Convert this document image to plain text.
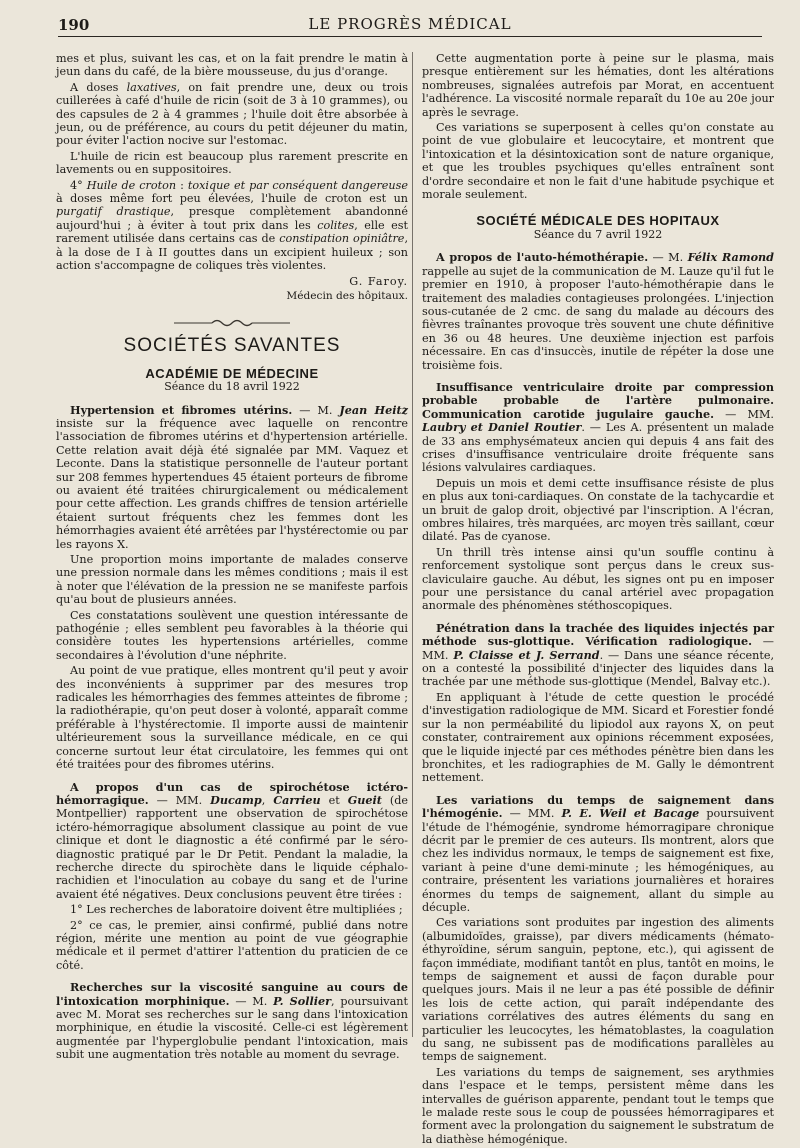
190	LE PROGRÈS MÉDICAL

mes et plus, suivant les cas, et on la fait prendre le matin à jeun dans du café, de la bière mousseuse, du jus d'orange.

A doses laxatives, on fait prendre une, deux ou trois cuillerées à café d'huile de ricin (soit de 3 à 10 grammes), ou des capsules de 2 à 4 grammes ; l'huile doit être absorbée à jeun, ou de préférence, au cours du petit déjeuner du matin, pour éviter l'action nocive sur l'estomac.

L'huile de ricin est beaucoup plus rarement prescrite en lavements ou en suppositoires.

4° Huile de croton : toxique et par conséquent dangereuse à doses même fort peu élevées, l'huile de croton est un purgatif drastique, presque complètement abandonné aujourd'hui ; à éviter à tout prix dans les colites, elle est rarement utilisée dans certains cas de constipation opiniâtre, à la dose de I à II gouttes dans un excipient huileux ; son action s'accompagne de coliques très violentes.

G. Faroy.

Médecin des hôpitaux.

SOCIÉTÉS SAVANTES
ACADÉMIE DE MÉDECINE
Séance du 18 avril 1922

Hypertension et fibromes utérins. — M. Jean Heitz insiste sur la fréquence avec laquelle on rencontre l'association de fibromes utérins et d'hypertension artérielle. Cette relation avait déjà été signalée par MM. Vaquez et Leconte. Dans la statistique personnelle de l'auteur portant sur 208 femmes hypertendues 45 étaient porteurs de fibrome ou avaient été traitées chirurgicalement ou médicalement pour cette affection. Les grands chiffres de tension artérielle étaient surtout fréquents chez les femmes dont les hémorrhagies avaient été arrêtées par l'hystérectomie ou par les rayons X.

Une proportion moins importante de malades conserve une pression normale dans les mêmes conditions ; mais il est à noter que l'élévation de la pression ne se manifeste parfois qu'au bout de plusieurs années.

Ces constatations soulèvent une question intéressante de pathogénie ; elles semblent peu favorables à la théorie qui considère toutes les hypertensions artérielles, comme secondaires à l'évolution d'une néphrite.

Au point de vue pratique, elles montrent qu'il peut y avoir des inconvénients à supprimer par des mesures trop radicales les hémorrhagies des femmes atteintes de fibrome ; la radiothérapie, qu'on peut doser à volonté, apparaît comme préférable à l'hystérectomie. Il importe aussi de maintenir ultérieurement sous la surveillance médicale, en ce qui concerne surtout leur état circulatoire, les femmes qui ont été traitées pour des fibromes utérins.

A propos d'un cas de spirochétose ictéro-hémorragique. — MM. Ducamp, Carrieu et Gueit (de Montpellier) rapportent une observation de spirochétose ictéro-hémorragique absolument classique au point de vue clinique et dont le diagnostic a été confirmé par le séro-diagnostic pratiqué par le Dr Petit. Pendant la maladie, la recherche directe du spirochète dans le liquide céphalo-rachidien et l'inoculation au cobaye du sang et de l'urine avaient été négatives. Deux conclusions peuvent être tirées :

1° Les recherches de laboratoire doivent être multipliées ;

2° ce cas, le premier, ainsi confirmé, publié dans notre région, mérite une mention au point de vue géographie médicale et il permet d'attirer l'attention du praticien de ce côté.

Recherches sur la viscosité sanguine au cours de l'intoxication morphinique. — M. P. Sollier, poursuivant avec M. Morat ses recherches sur le sang dans l'intoxication morphinique, en étudie la viscosité. Celle-ci est légèrement augmentée par l'hyperglobulie pendant l'intoxication, mais subit une augmentation très notable au moment du sevrage.

Cette augmentation porte à peine sur le plasma, mais presque entièrement sur les hématies, dont les altérations nombreuses, signalées autrefois par Morat, en accentuent l'adhérence. La viscosité normale reparaît du 10e au 20e jour après le sevrage.

Ces variations se superposent à celles qu'on constate au point de vue globulaire et leucocytaire, et montrent que l'intoxication et la désintoxication sont de nature organique, et que les troubles psychiques qu'elles entraînent sont d'ordre secondaire et non le fait d'une habitude psychique et morale seulement.

SOCIÉTÉ MÉDICALE DES HOPITAUX
Séance du 7 avril 1922

A propos de l'auto-hémothérapie. — M. Félix Ramond rappelle au sujet de la communication de M. Lauze qu'il fut le premier en 1910, à proposer l'auto-hémothérapie dans le traitement des maladies contagieuses prolongées. L'injection sous-cutanée de 2 cmc. de sang du malade au décours des fièvres traînantes provoque très souvent une chute définitive en 36 ou 48 heures. Une deuxième injection est parfois nécessaire. En cas d'insuccès, inutile de répéter la dose une troisième fois.

Insuffisance ventriculaire droite par compression probable probable de l'artère pulmonaire. Communication carotide jugulaire gauche. — MM. Laubry et Daniel Routier. — Les A. présentent un malade de 33 ans emphysémateux ancien qui depuis 4 ans fait des crises d'insuffisance ventriculaire droite fréquente sans lésions valvulaires cardiaques.

Depuis un mois et demi cette insuffisance résiste de plus en plus aux toni-cardiaques. On constate de la tachycardie et un bruit de galop droit, objectivé par l'inscription. A l'écran, ombres hilaires, très marquées, arc moyen très saillant, cœur dilaté. Pas de cyanose.

Un thrill très intense ainsi qu'un souffle continu à renforcement systolique sont perçus dans le creux sus-claviculaire gauche. Au début, les signes ont pu en imposer pour une persistance du canal artériel avec propagation anormale des phénomènes stéthoscopiques.

Pénétration dans la trachée des liquides injectés par méthode sus-glottique. Vérification radiologique. — MM. P. Claisse et J. Serrand. — Dans une séance récente, on a contesté la possibilité d'injecter des liquides dans la trachée par une méthode sus-glottique (Mendel, Balvay etc.).

En appliquant à l'étude de cette question le procédé d'investigation radiologique de MM. Sicard et Forestier fondé sur la non perméabilité du lipiodol aux rayons X, on peut constater, contrairement aux opinions récemment exposées, que le liquide injecté par ces méthodes pénètre bien dans les bronchites, et les radiographies de M. Gally le démontrent nettement.

Les variations du temps de saignement dans l'hémogénie. — MM. P. E. Weil et Bacage poursuivent l'étude de l'hémogénie, syndrome hémorragipare chronique décrit par le premier de ces auteurs. Ils montrent, alors que chez les individus normaux, le temps de saignement est fixe, variant à peine d'une demi-minute ; les hémogéniques, au contraire, présentent les variations journalières et horaires énormes du temps de saignement, allant du simple au décuple.

Ces variations sont produites par ingestion des aliments (albumidoïdes, graisse), par divers médicaments (hémato-éthyroïdine, sérum sanguin, peptone, etc.), qui agissent de façon immédiate, modifiant tantôt en plus, tantôt en moins, le temps de saignement et aussi de façon durable pour quelques jours. Mais il ne leur a pas été possible de définir les lois de cette action, qui paraît indépendante des variations corrélatives des autres éléments du sang en particulier les leucocytes, les hématoblastes, la coagulation du sang, ne subissent pas de modifications parallèles au temps de saignement.

Les variations du temps de saignement, ses arythmies dans l'espace et le temps, persistent même dans les intervalles de guérison apparente, pendant tout le temps que le malade reste sous le coup de poussées hémorragipares et forment avec la prolongation du saignement le substratum de la diathèse hémogénique.
